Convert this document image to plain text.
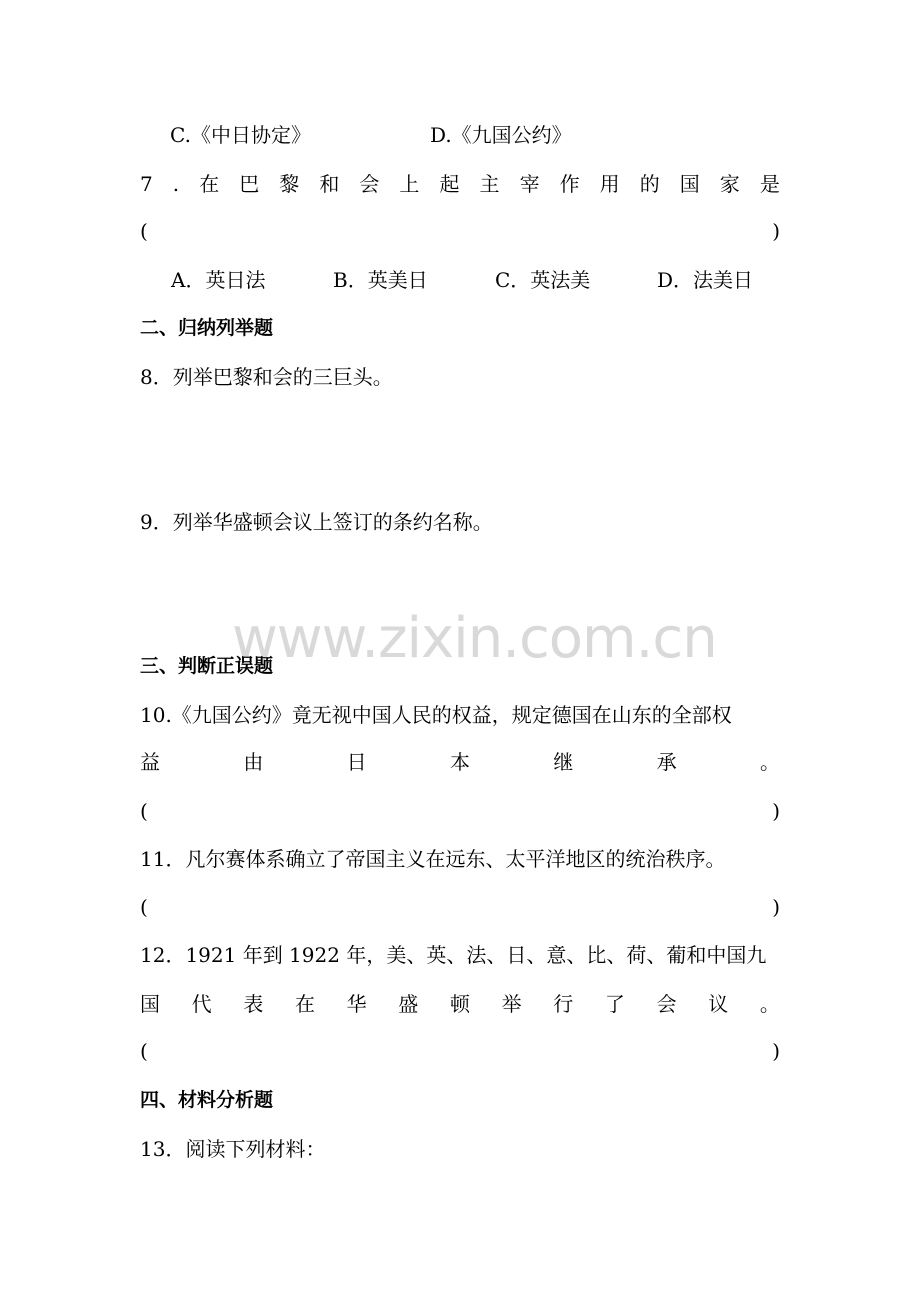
C.《中日协定》	D.《九国公约》
7 . 在 巴 黎 和 会 上 起 主 宰 作 用 的 国 家 是
(	)
A．英日法	B．英美日	C．英法美	D．法美日
二、归纳列举题
8．列举巴黎和会的三巨头。
9．列举华盛顿会议上签订的条约名称。
www.zixin.com.cn
三、判断正误题
10.《九国公约》竟无视中国人民的权益，规定德国在山东的全部权
益	由	日	本	继	承	。
(	)
11．凡尔赛体系确立了帝国主义在远东、太平洋地区的统治秩序。
(	)
12．1921 年到 1922 年，美、英、法、日、意、比、荷、葡和中国九
国 代 表 在 华 盛 顿 举 行 了 会 议 。
(	)
四、材料分析题
13．阅读下列材料：
